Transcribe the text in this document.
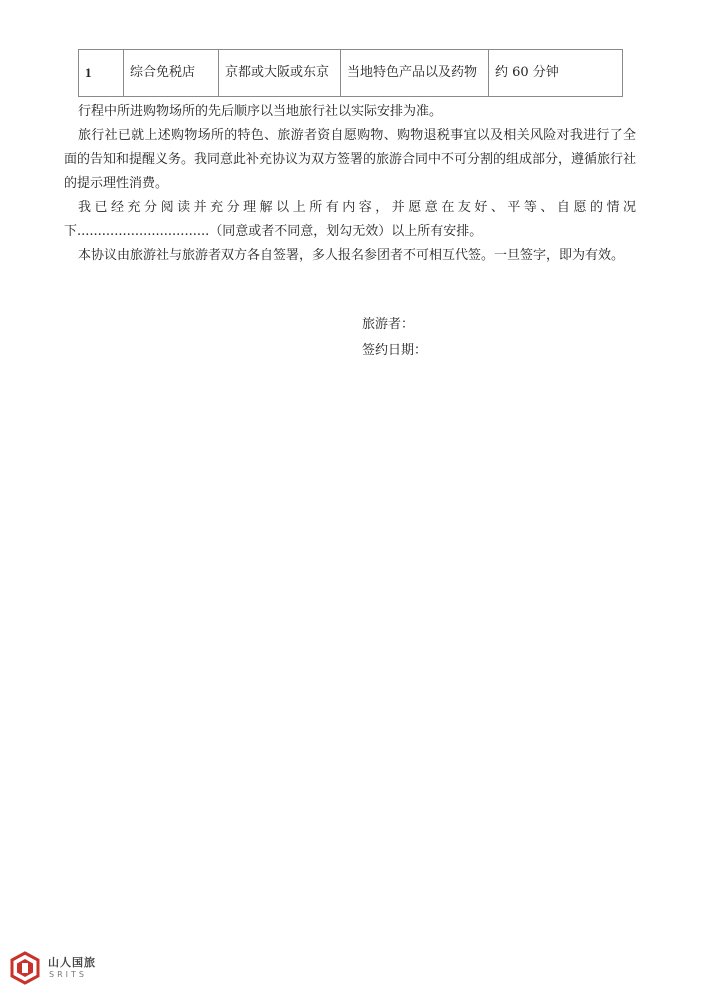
1	综合免税店	京都或大阪或东京	当地特色产品以及药物	约 60 分钟

行程中所进购物场所的先后顺序以当地旅行社以实际安排为准。

旅行社已就上述购物场所的特色、旅游者资自愿购物、购物退税事宜以及相关风险对我进行了全面的告知和提醒义务。我同意此补充协议为双方签署的旅游合同中不可分割的组成部分，遵循旅行社的提示理性消费。

我已经充分阅读并充分理解以上所有内容，并愿意在友好、平等、自愿的情况下................................（同意或者不同意，划勾无效）以上所有安排。

本协议由旅游社与旅游者双方各自签署，多人报名参团者不可相互代签。一旦签字，即为有效。

旅游者：
签约日期：
山人国旅
SRITS
